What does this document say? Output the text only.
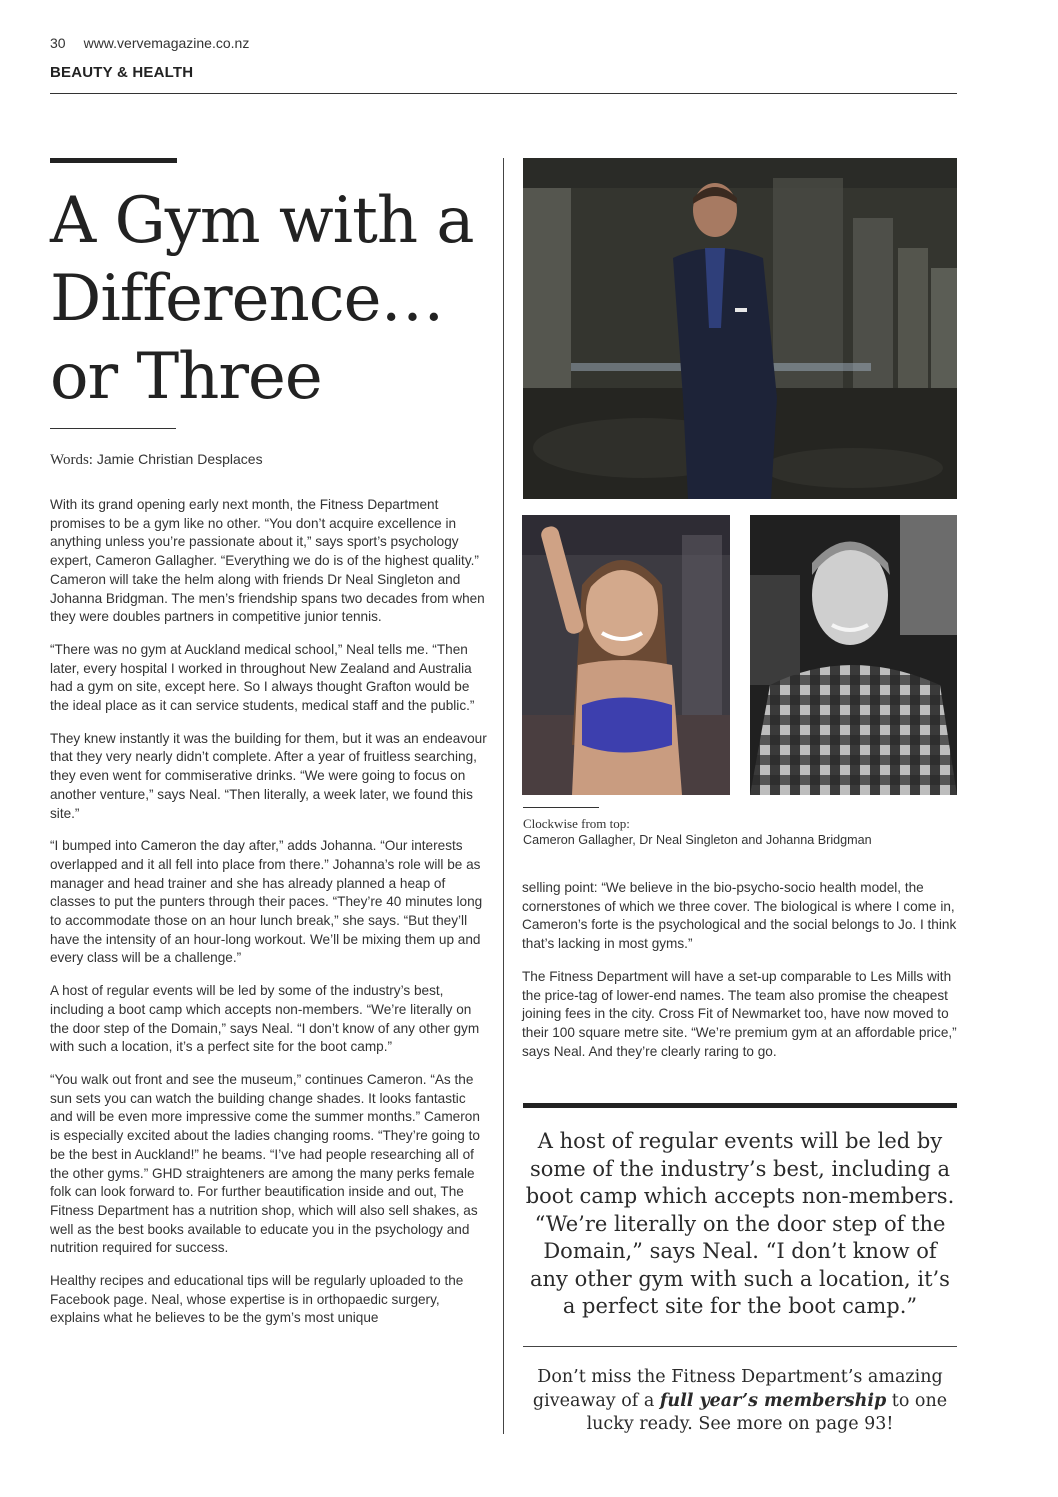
30 www.vervemagazine.co.nz
BEAUTY & HEALTH
A Gym with a
Difference…
or Three
Words: Jamie Christian Desplaces

With its grand opening early next month, the Fitness Department promises to be a gym like no other. “You don’t acquire excellence in anything unless you’re passionate about it,” says sport’s psychology expert, Cameron Gallagher. “Everything we do is of the highest quality.” Cameron will take the helm along with friends Dr Neal Singleton and Johanna Bridgman. The men’s friendship spans two decades from when they were doubles partners in competitive junior tennis.

“There was no gym at Auckland medical school,” Neal tells me. “Then later, every hospital I worked in throughout New Zealand and Australia had a gym on site, except here. So I always thought Grafton would be the ideal place as it can service students, medical staff and the public.”

They knew instantly it was the building for them, but it was an endeavour that they very nearly didn’t complete. After a year of fruitless searching, they even went for commiserative drinks. “We were going to focus on another venture,” says Neal. “Then literally, a week later, we found this site.”

“I bumped into Cameron the day after,” adds Johanna. “Our interests overlapped and it all fell into place from there.” Johanna’s role will be as manager and head trainer and she has already planned a heap of classes to put the punters through their paces. “They’re 40 minutes long to accommodate those on an hour lunch break,” she says. “But they’ll have the intensity of an hour-long workout. We’ll be mixing them up and every class will be a challenge.”

A host of regular events will be led by some of the industry’s best, including a boot camp which accepts non-members. “We’re literally on the door step of the Domain,” says Neal. “I don’t know of any other gym with such a location, it’s a perfect site for the boot camp.”

“You walk out front and see the museum,” continues Cameron. “As the sun sets you can watch the building change shades. It looks fantastic and will be even more impressive come the summer months.” Cameron is especially excited about the ladies changing rooms. “They’re going to be the best in Auckland!” he beams. “I’ve had people researching all of the other gyms.” GHD straighteners are among the many perks female folk can look forward to. For further beautification inside and out, The Fitness Department has a nutrition shop, which will also sell shakes, as well as the best books available to educate you in the psychology and nutrition required for success.

Healthy recipes and educational tips will be regularly uploaded to the Facebook page. Neal, whose expertise is in orthopaedic surgery, explains what he believes to be the gym’s most unique

Clockwise from top:
Cameron Gallagher, Dr Neal Singleton and Johanna Bridgman

selling point: “We believe in the bio-psycho-socio health model, the cornerstones of which we three cover. The biological is where I come in, Cameron’s forte is the psychological and the social belongs to Jo. I think that’s lacking in most gyms.”

The Fitness Department will have a set-up comparable to Les Mills with the price-tag of lower-end names. The team also promise the cheapest joining fees in the city. Cross Fit of Newmarket too, have now moved to their 100 square metre site. “We’re premium gym at an affordable price,” says Neal. And they’re clearly raring to go.

A host of regular events will be led by some of the industry’s best, including a boot camp which accepts non-members. “We’re literally on the door step of the Domain,” says Neal. “I don’t know of any other gym with such a location, it’s a perfect site for the boot camp.”

Don’t miss the Fitness Department’s amazing giveaway of a full year’s membership to one lucky ready. See more on page 93!
